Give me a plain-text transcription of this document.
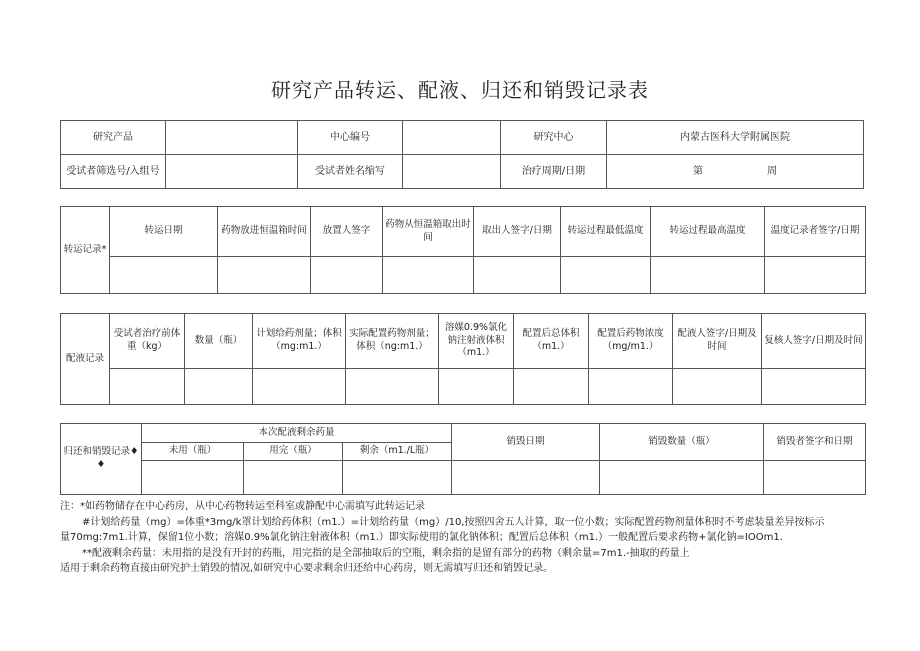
研究产品转运、配液、归还和销毁记录表
研究产品		中心编号		研究中心	内蒙古医科大学附属医院
受试者筛选号/入组号		受试者姓名缩写		治疗周期/日期	第 周
转运记录*	转运日期	药物放进恒温箱时间	放置人签字	药物从恒温箱取出时间	取出人签字/日期	转运过程最低温度	转运过程最高温度	温度记录者签字/日期

配液记录	受试者治疗前体重（kg）	数量（瓶）	计划给药剂量；体积（mg:m1.）	实际配置药物剂量；体积（ng:m1.）	溶媒0.9%氯化钠注射液体积（m1.）	配置后总体积（m1.）	配置后药物浓度（mg/m1.）	配液人签字/日期及时间	复核人签字/日期及时间

归还和销毁记录♦♦	本次配液剩余药量			销毁日期	销毁数量（瓶）	销毁者签字和日期
	未用（瓶）	用完（瓶）	剩余（m1./L瓶）			

注：*如药物储存在中心药房，从中心药物转运至科室或静配中心需填写此转运记录

#计划给药量（mg）=体重*3mg/k罩计划给药体积（m1.）=计划给药量（mg）/10,按照四舍五人计算，取一位小数；实际配置药物剂量体积时不考虑装量差异按标示

量70mg:7m1.计算，保留1位小数；溶媒0.9%氯化钠注射液体积（m1.）即实际使用的氯化钠体积；配置后总体积（m1.）一般配置后要求药物+氯化钠=IOOm1.

**配液剩余药量：未用指的是没有开封的药瓶，用完指的是全部抽取后的空瓶，剩余指的是留有部分的药物（剩余量=7m1.-抽取的药量上

适用于剩余药物直接由研究护士销毁的情况,如研究中心要求剩余归还给中心药房，则无需填写归还和销毁记录。
